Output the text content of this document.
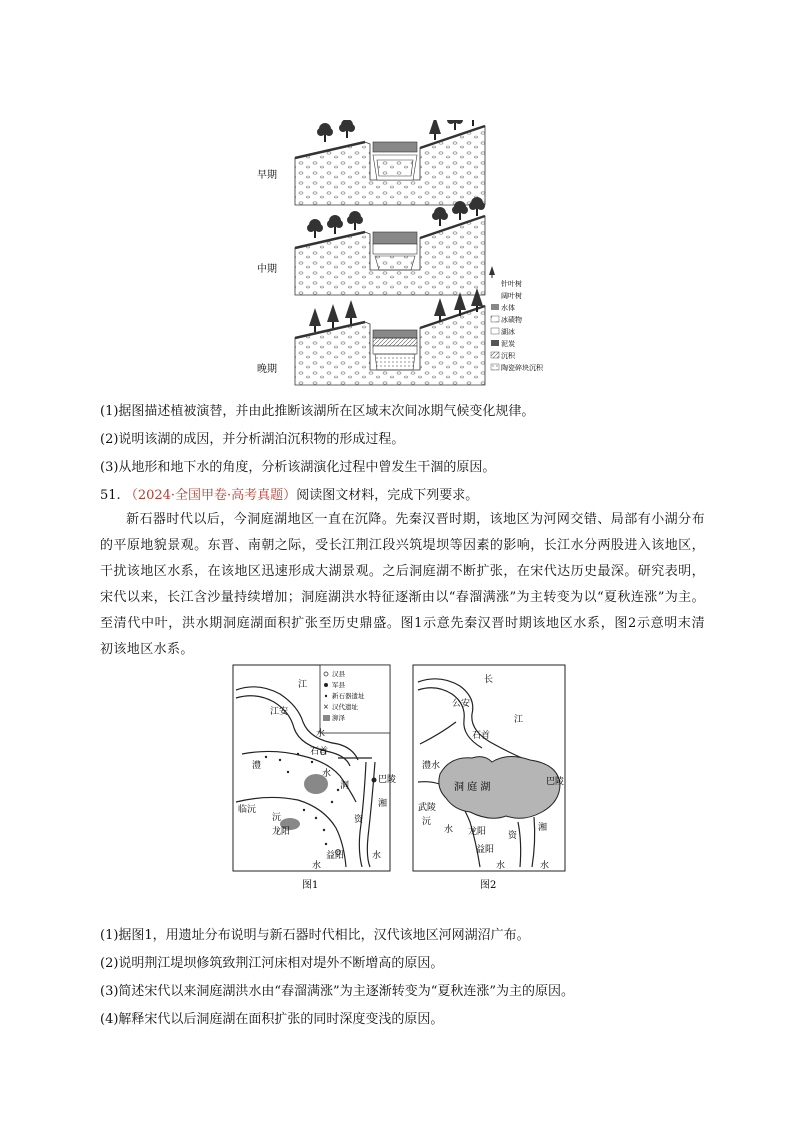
早期
中期
晚期
针叶树
阔叶树
水体
冰碛物
湖冰
泥炭
沉积
陶瓷碎块沉积
(1)据图描述植被演替，并由此推断该湖所在区域末次间冰期气候变化规律。
(2)说明该湖的成因，并分析湖泊沉积物的形成过程。
(3)从地形和地下水的角度，分析该湖演化过程中曾发生干涸的原因。
51. （2024·全国甲卷·高考真题）阅读图文材料，完成下列要求。
新石器时代以后，今洞庭湖地区一直在沉降。先秦汉晋时期，该地区为河网交错、局部有小湖分布的平原地貌景观。东晋、南朝之际，受长江荆江段兴筑堤坝等因素的影响，长江水分两股进入该地区，干扰该地区水系，在该地区迅速形成大湖景观。之后洞庭湖不断扩张，在宋代达历史最深。研究表明，宋代以来，长江含沙量持续增加；洞庭湖洪水特征逐渐由以“春溜满涨”为主转变为以“夏秋连涨”为主。至清代中叶，洪水期洞庭湖面积扩张至历史鼎盛。图1示意先秦汉晋时期该地区水系，图2示意明末清初该地区水系。
汉县
军县
新石器遗址
× 汉代遗址
泖泽
江
江安
石首
水
澧
水
沅
临沅
龙阳
洞
巴陵
湘
资
益阳
水
水
图1
长
公安
江
石首
澧水
沅
武陵
水 龙阳
益阳
资
水
湘
水
巴陵
洞 庭 湖
图2
(1)据图1，用遗址分布说明与新石器时代相比，汉代该地区河网湖沼广布。
(2)说明荆江堤坝修筑致荆江河床相对堤外不断增高的原因。
(3)简述宋代以来洞庭湖洪水由“春溜满涨”为主逐渐转变为“夏秋连涨”为主的原因。
(4)解释宋代以后洞庭湖在面积扩张的同时深度变浅的原因。
